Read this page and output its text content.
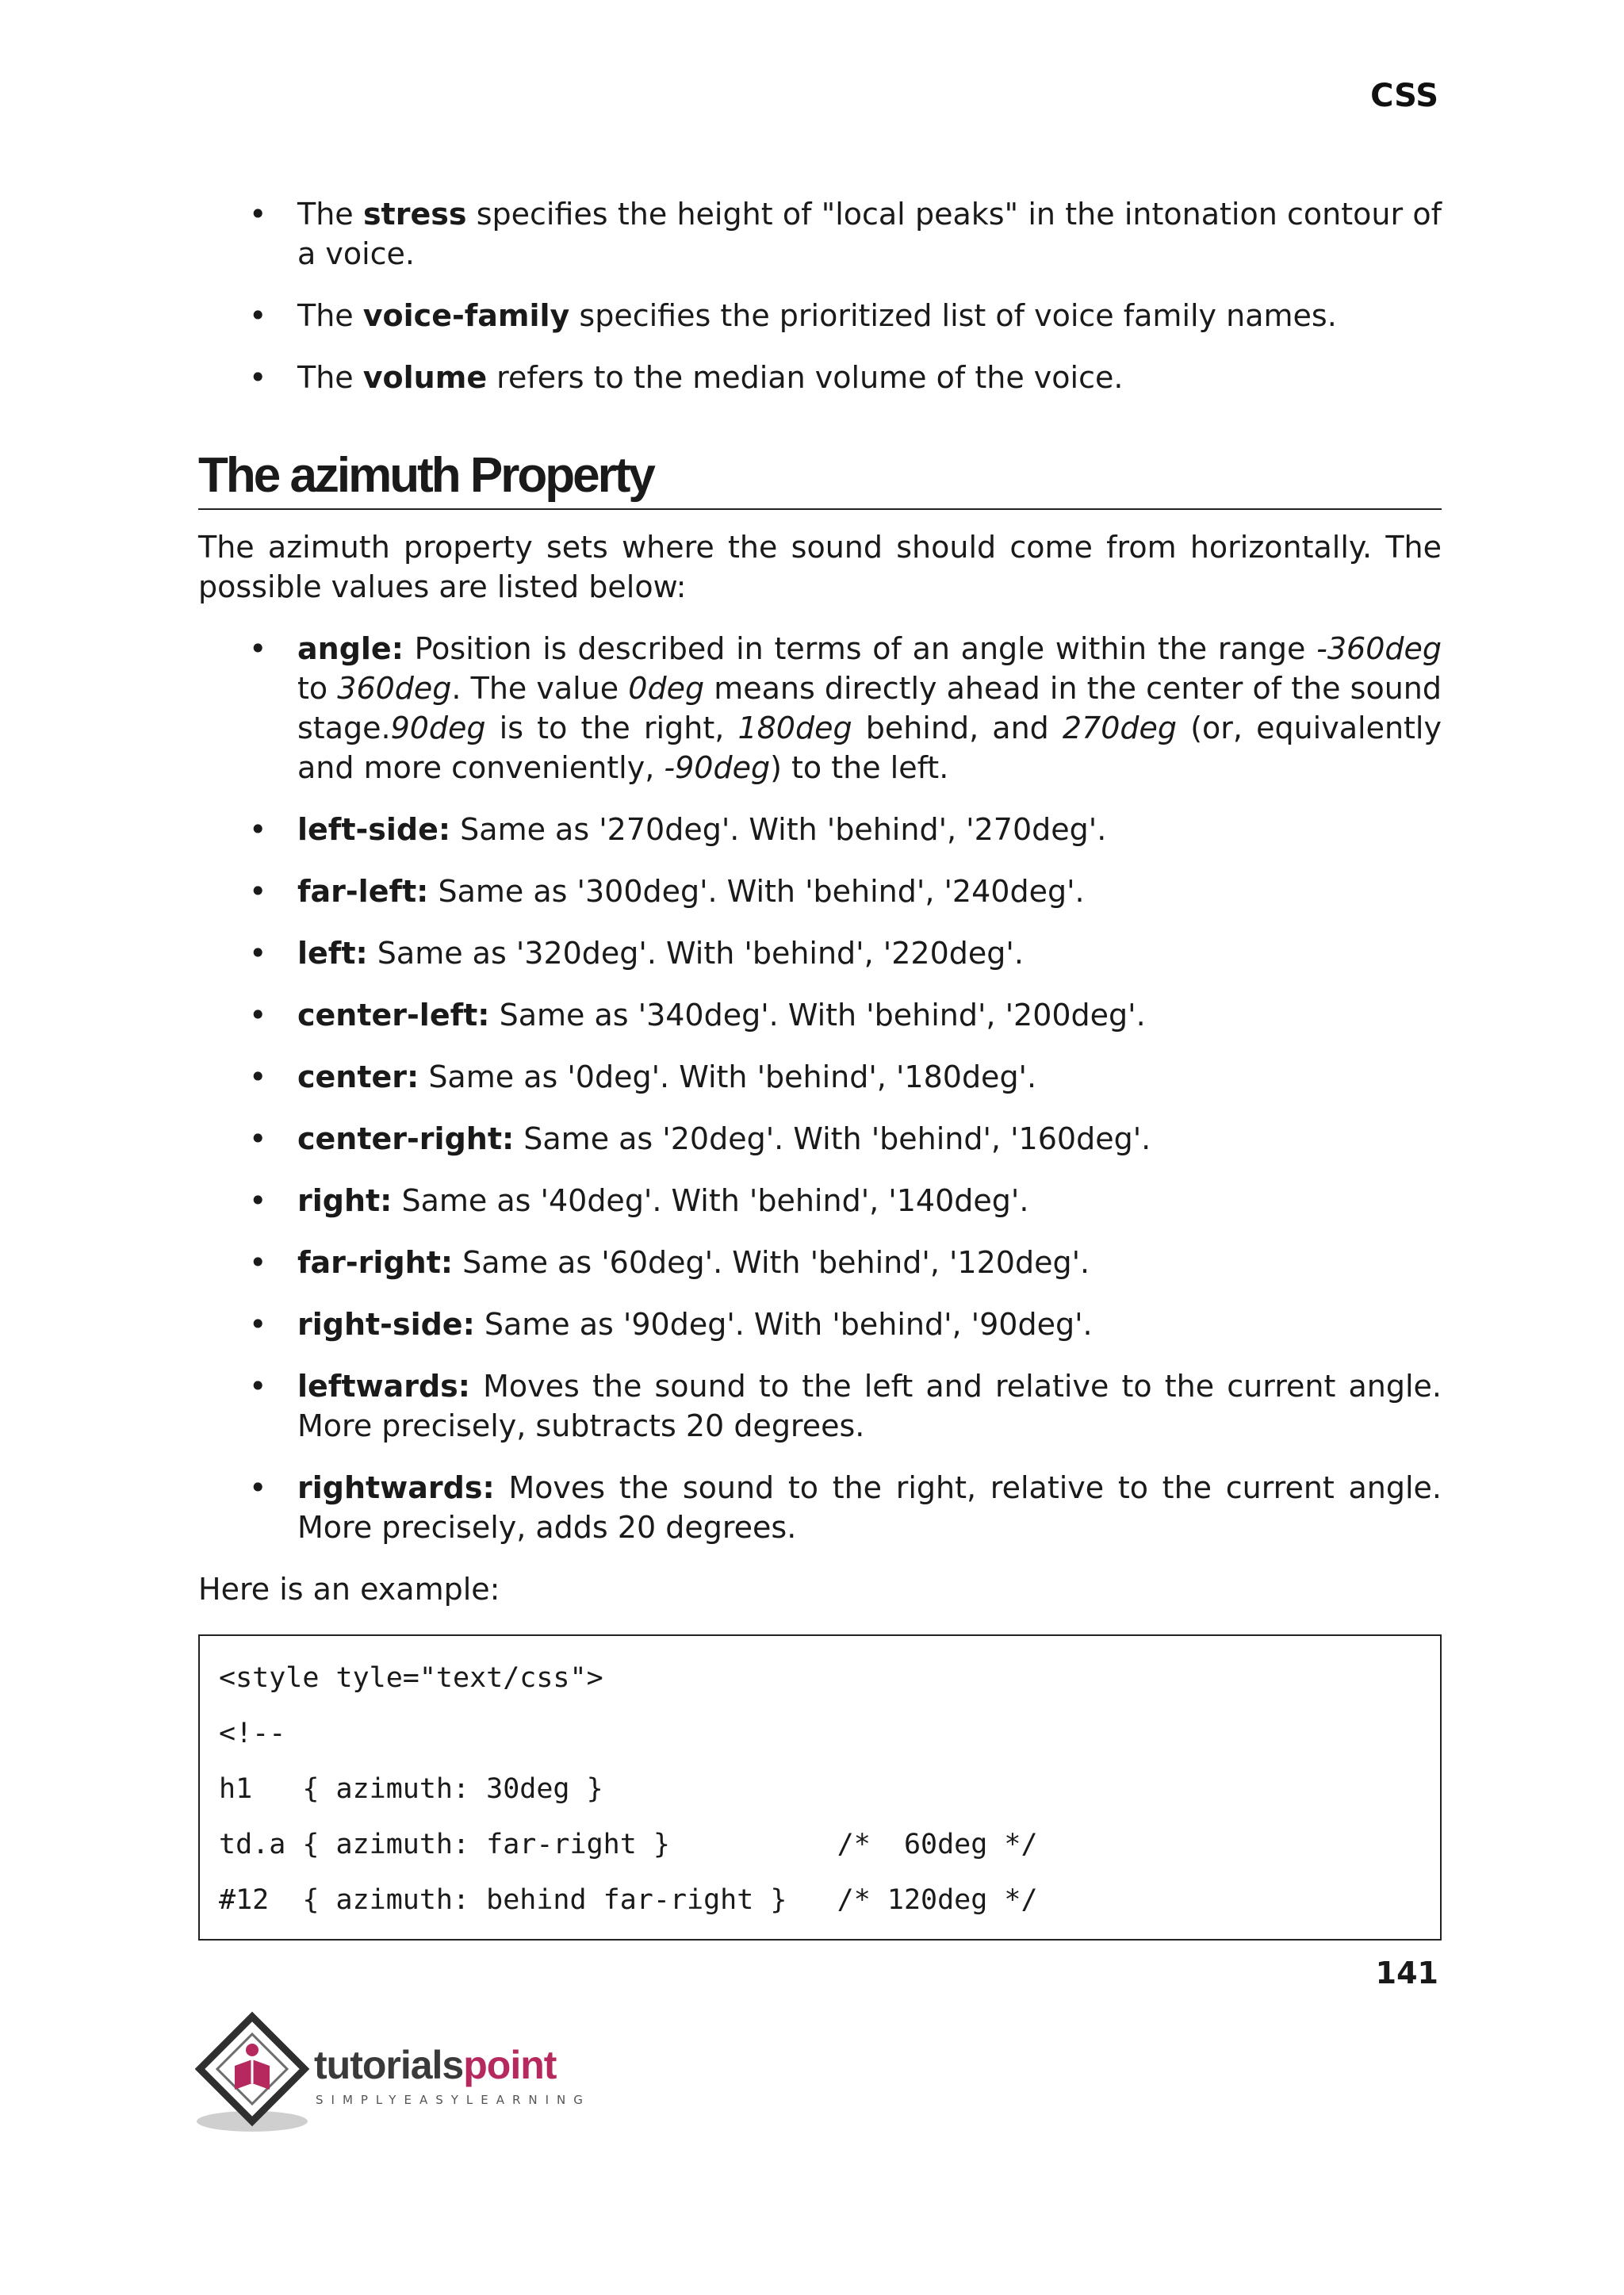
CSS
• The stress specifies the height of "local peaks" in the intonation contour of a voice.
• The voice-family specifies the prioritized list of voice family names.
• The volume refers to the median volume of the voice.
The azimuth Property

The azimuth property sets where the sound should come from horizontally. The possible values are listed below:

• angle: Position is described in terms of an angle within the range -360deg to 360deg. The value 0deg means directly ahead in the center of the sound stage.90deg is to the right, 180deg behind, and 270deg (or, equivalently and more conveniently, -90deg) to the left.
• left-side: Same as '270deg'. With 'behind', '270deg'.
• far-left: Same as '300deg'. With 'behind', '240deg'.
• left: Same as '320deg'. With 'behind', '220deg'.
• center-left: Same as '340deg'. With 'behind', '200deg'.
• center: Same as '0deg'. With 'behind', '180deg'.
• center-right: Same as '20deg'. With 'behind', '160deg'.
• right: Same as '40deg'. With 'behind', '140deg'.
• far-right: Same as '60deg'. With 'behind', '120deg'.
• right-side: Same as '90deg'. With 'behind', '90deg'.
• leftwards: Moves the sound to the left and relative to the current angle. More precisely, subtracts 20 degrees.
• rightwards: Moves the sound to the right, relative to the current angle. More precisely, adds 20 degrees.

Here is an example:

<style tyle="text/css">
<!--
h1   { azimuth: 30deg }
td.a { azimuth: far-right }          /*  60deg */
#12  { azimuth: behind far-right }   /* 120deg */
141
tutorialspoint
SIMPLYEASYLEARNING
